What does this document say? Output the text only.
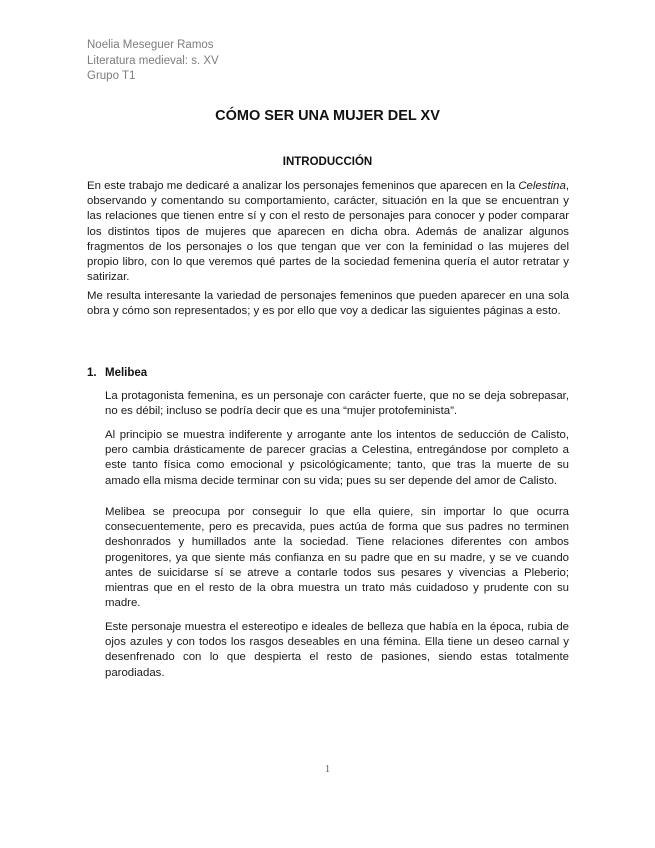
Noelia Meseguer Ramos
Literatura medieval: s. XV
Grupo T1
CÓMO SER UNA MUJER DEL XV
INTRODUCCIÓN
En este trabajo me dedicaré a analizar los personajes femeninos que aparecen en la Celestina, observando y comentando su comportamiento, carácter, situación en la que se encuentran y las relaciones que tienen entre sí y con el resto de personajes para conocer y poder comparar los distintos tipos de mujeres que aparecen en dicha obra. Además de analizar algunos fragmentos de los personajes o los que tengan que ver con la feminidad o las mujeres del propio libro, con lo que veremos qué partes de la sociedad femenina quería el autor retratar y satirizar.
Me resulta interesante la variedad de personajes femeninos que pueden aparecer en una sola obra y cómo son representados; y es por ello que voy a dedicar las siguientes páginas a esto.
1. Melibea
La protagonista femenina, es un personaje con carácter fuerte, que no se deja sobrepasar, no es débil; incluso se podría decir que es una “mujer protofeminista”.
Al principio se muestra indiferente y arrogante ante los intentos de seducción de Calisto, pero cambia drásticamente de parecer gracias a Celestina, entregándose por completo a este tanto física como emocional y psicológicamente; tanto, que tras la muerte de su amado ella misma decide terminar con su vida; pues su ser depende del amor de Calisto.
Melibea se preocupa por conseguir lo que ella quiere, sin importar lo que ocurra consecuentemente, pero es precavida, pues actúa de forma que sus padres no terminen deshonrados y humillados ante la sociedad. Tiene relaciones diferentes con ambos progenitores, ya que siente más confianza en su padre que en su madre, y se ve cuando antes de suicidarse sí se atreve a contarle todos sus pesares y vivencias a Pleberio; mientras que en el resto de la obra muestra un trato más cuidadoso y prudente con su madre.
Este personaje muestra el estereotipo e ideales de belleza que había en la época, rubia de ojos azules y con todos los rasgos deseables en una fémina. Ella tiene un deseo carnal y desenfrenado con lo que despierta el resto de pasiones, siendo estas totalmente parodiadas.
1
